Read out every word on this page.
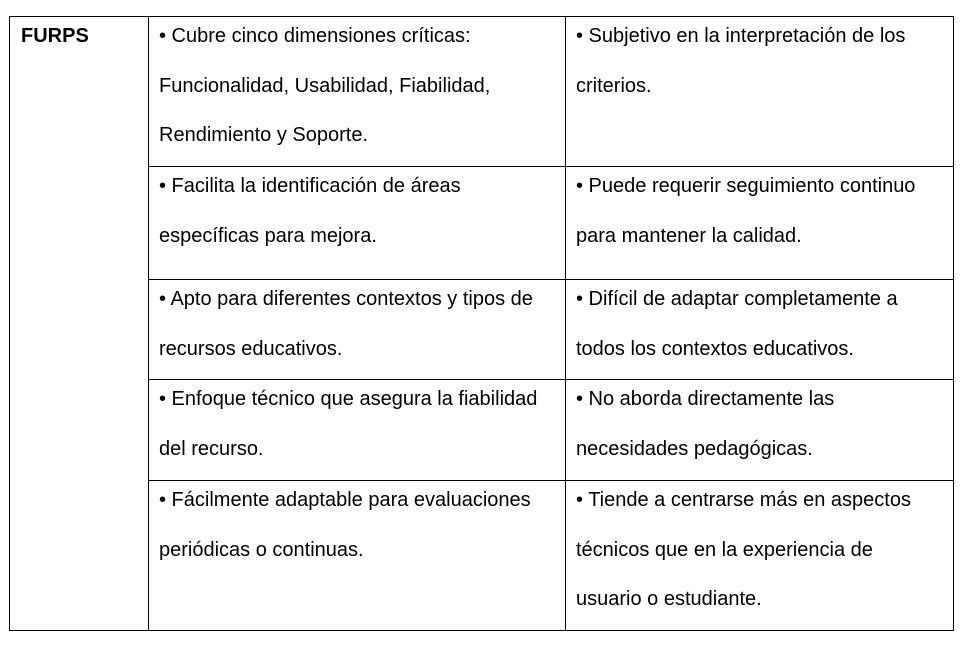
FURPS	• Cubre cinco dimensiones críticas: Funcionalidad, Usabilidad, Fiabilidad, Rendimiento y Soporte.	• Subjetivo en la interpretación de los criterios.

	• Facilita la identificación de áreas específicas para mejora.	• Puede requerir seguimiento continuo para mantener la calidad.

	• Apto para diferentes contextos y tipos de recursos educativos.	• Difícil de adaptar completamente a todos los contextos educativos.

	• Enfoque técnico que asegura la fiabilidad del recurso.	• No aborda directamente las necesidades pedagógicas.

	• Fácilmente adaptable para evaluaciones periódicas o continuas.	• Tiende a centrarse más en aspectos técnicos que en la experiencia de usuario o estudiante.
